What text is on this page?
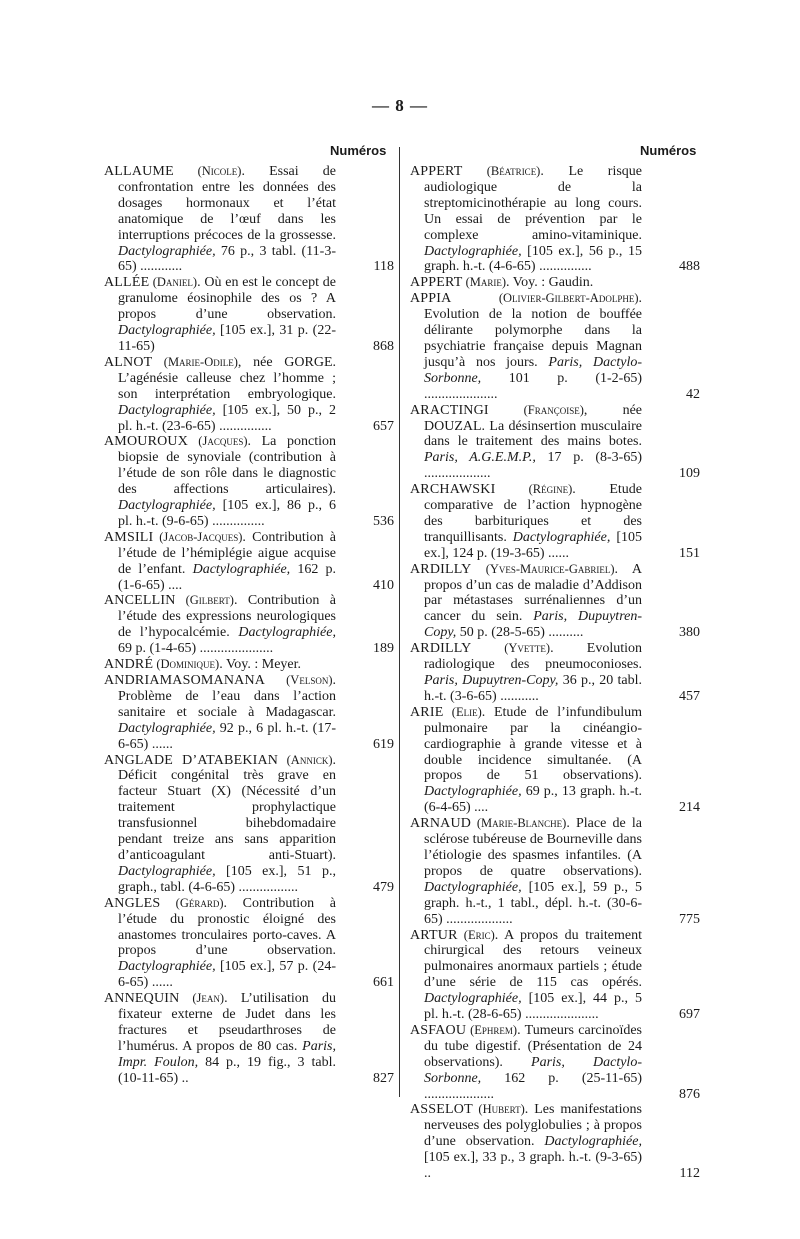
— 8 —
Numéros	Numéros
ALLAUME (Nicole). Essai de confrontation entre les données des dosages hormonaux et l’état anatomique de l’œuf dans les interruptions précoces de la grossesse. Dactylographiée, 76 p., 3 tabl. (11-3-65) ............	118
ALLÉE (Daniel). Où en est le concept de granulome éosinophile des os ? A propos d’une observation. Dactylographiée, [105 ex.], 31 p. (22-11-65)	868
ALNOT (Marie-Odile), née GORGE. L’agénésie calleuse chez l’homme ; son interprétation embryologique. Dactylographiée, [105 ex.], 50 p., 2 pl. h.-t. (23-6-65) ...............	657
AMOUROUX (Jacques). La ponction biopsie de synoviale (contribution à l’étude de son rôle dans le diagnostic des affections articulaires). Dactylographiée, [105 ex.], 86 p., 6 pl. h.-t. (9-6-65) ...............	536
AMSILI (Jacob-Jacques). Contribution à l’étude de l’hémiplégie aigue acquise de l’enfant. Dactylographiée, 162 p. (1-6-65) ....	410
ANCELLIN (Gilbert). Contribution à l’étude des expressions neurologiques de l’hypocalcémie. Dactylographiée, 69 p. (1-4-65) .....................	189
ANDRÉ (Dominique). Voy. : Meyer.
ANDRIAMASOMANANA (Velson). Problème de l’eau dans l’action sanitaire et sociale à Madagascar. Dactylographiée, 92 p., 6 pl. h.-t. (17-6-65) ......	619
ANGLADE D’ATABEKIAN (Annick). Déficit congénital très grave en facteur Stuart (X) (Nécessité d’un traitement prophylactique transfusionnel bihebdomadaire pendant treize ans sans apparition d’anticoagulant anti-Stuart). Dactylographiée, [105 ex.], 51 p., graph., tabl. (4-6-65) .................	479
ANGLES (Gérard). Contribution à l’étude du pronostic éloigné des anastomes tronculaires porto-caves. A propos d’une observation. Dactylographiée, [105 ex.], 57 p. (24-6-65) ......	661
ANNEQUIN (Jean). L’utilisation du fixateur externe de Judet dans les fractures et pseudarthroses de l’humérus. A propos de 80 cas. Paris, Impr. Foulon, 84 p., 19 fig., 3 tabl. (10-11-65) ..	827
APPERT (Béatrice). Le risque audiologique de la streptomicinothérapie au long cours. Un essai de prévention par le complexe amino-vitaminique. Dactylographiée, [105 ex.], 56 p., 15 graph. h.-t. (4-6-65) ...............	488
APPERT (Marie). Voy. : Gaudin.
APPIA (Olivier-Gilbert-Adolphe). Evolution de la notion de bouffée délirante polymorphe dans la psychiatrie française depuis Magnan jusqu’à nos jours. Paris, Dactylo-Sorbonne, 101 p. (1-2-65) .....................	42
ARACTINGI (Françoise), née DOUZAL. La désinsertion musculaire dans le traitement des mains botes. Paris, A.G.E.M.P., 17 p. (8-3-65) ...................	109
ARCHAWSKI (Régine). Etude comparative de l’action hypnogène des barbituriques et des tranquillisants. Dactylographiée, [105 ex.], 124 p. (19-3-65) ......	151
ARDILLY (Yves-Maurice-Gabriel). A propos d’un cas de maladie d’Addison par métastases surrénaliennes d’un cancer du sein. Paris, Dupuytren-Copy, 50 p. (28-5-65) ..........	380
ARDILLY (Yvette). Evolution radiologique des pneumoconioses. Paris, Dupuytren-Copy, 36 p., 20 tabl. h.-t. (3-6-65) ...........	457
ARIE (Elie). Etude de l’infundibulum pulmonaire par la cinéangio-cardiographie à grande vitesse et à double incidence simultanée. (A propos de 51 observations). Dactylographiée, 69 p., 13 graph. h.-t. (6-4-65) ....	214
ARNAUD (Marie-Blanche). Place de la sclérose tubéreuse de Bourneville dans l’étiologie des spasmes infantiles. (A propos de quatre observations). Dactylographiée, [105 ex.], 59 p., 5 graph. h.-t., 1 tabl., dépl. h.-t. (30-6-65) ...................	775
ARTUR (Eric). A propos du traitement chirurgical des retours veineux pulmonaires anormaux partiels ; étude d’une série de 115 cas opérés. Dactylographiée, [105 ex.], 44 p., 5 pl. h.-t. (28-6-65) .....................	697
ASFAOU (Ephrem). Tumeurs carcinoïdes du tube digestif. (Présentation de 24 observations). Paris, Dactylo-Sorbonne, 162 p. (25-11-65) ....................	876
ASSELOT (Hubert). Les manifestations nerveuses des polyglobulies ; à propos d’une observation. Dactylographiée, [105 ex.], 33 p., 3 graph. h.-t. (9-3-65) ..	112
